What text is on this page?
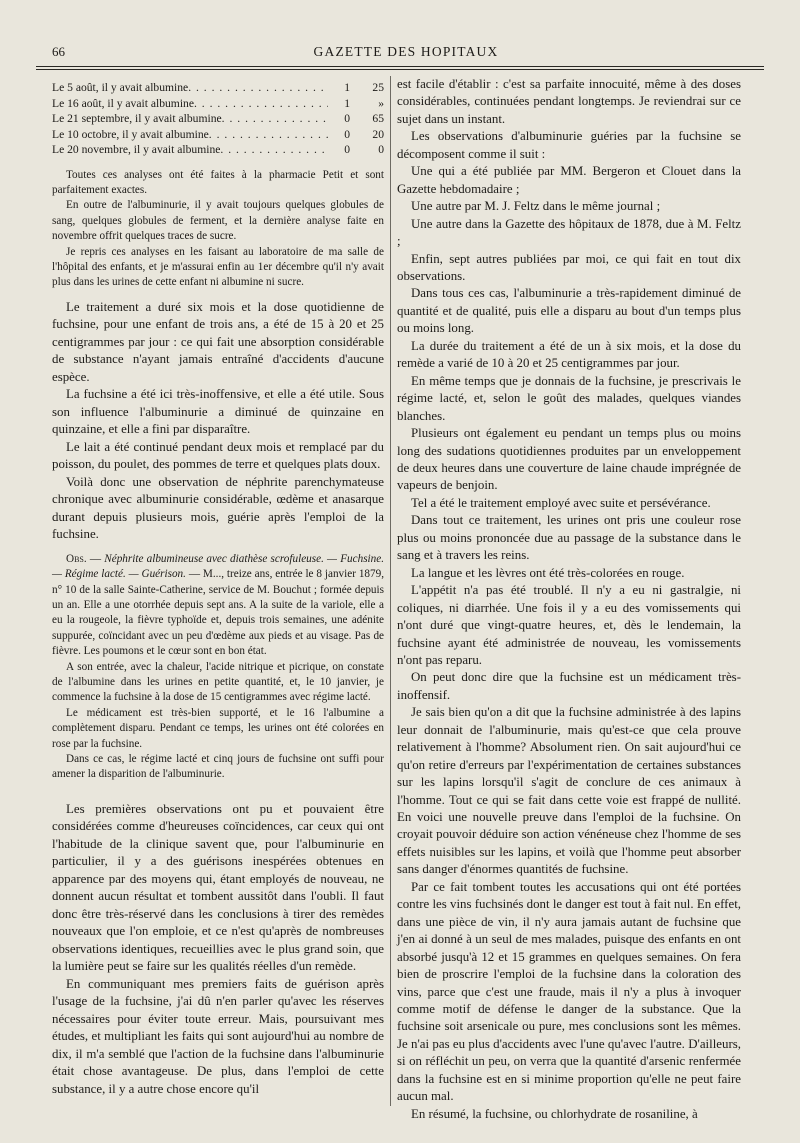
66	GAZETTE DES HOPITAUX
Le 5 août, il y avait albumine . . .	1	25
Le 16 août, il y avait albumine . . .	1	»
Le 21 septembre, il y avait albumine . . .	0	65
Le 10 octobre, il y avait albumine . . .	0	20
Le 20 novembre, il y avait albumine . . .	0	0

Toutes ces analyses ont été faites à la pharmacie Petit et sont parfaitement exactes.

En outre de l'albuminurie, il y avait toujours quelques globules de sang, quelques globules de ferment, et la dernière analyse faite en novembre offrit quelques traces de sucre.

Je repris ces analyses en les faisant au laboratoire de ma salle de l'hôpital des enfants, et je m'assurai enfin au 1er décembre qu'il n'y avait plus dans les urines de cette enfant ni albumine ni sucre.

Le traitement a duré six mois et la dose quotidienne de fuchsine, pour une enfant de trois ans, a été de 15 à 20 et 25 centigrammes par jour : ce qui fait une absorption considérable de substance n'ayant jamais entraîné d'accidents d'aucune espèce.

La fuchsine a été ici très-inoffensive, et elle a été utile. Sous son influence l'albuminurie a diminué de quinzaine en quinzaine, et elle a fini par disparaître.

Le lait a été continué pendant deux mois et remplacé par du poisson, du poulet, des pommes de terre et quelques plats doux.

Voilà donc une observation de néphrite parenchymateuse chronique avec albuminurie considérable, œdème et anasarque durant depuis plusieurs mois, guérie après l'emploi de la fuchsine.

Obs. — Néphrite albumineuse avec diathèse scrofuleuse. — Fuchsine. — Régime lacté. — Guérison. — M..., treize ans, entrée le 8 janvier 1879, n° 10 de la salle Sainte-Catherine, service de M. Bouchut ; formée depuis un an. Elle a une otorrhée depuis sept ans. A la suite de la variole, elle a eu la rougeole, la fièvre typhoïde et, depuis trois semaines, une adénite suppurée, coïncidant avec un peu d'œdème aux pieds et au visage. Pas de fièvre. Les poumons et le cœur sont en bon état.

A son entrée, avec la chaleur, l'acide nitrique et picrique, on constate de l'albumine dans les urines en petite quantité, et, le 10 janvier, je commence la fuchsine à la dose de 15 centigrammes avec régime lacté.

Le médicament est très-bien supporté, et le 16 l'albumine a complètement disparu. Pendant ce temps, les urines ont été colorées en rose par la fuchsine.

Dans ce cas, le régime lacté et cinq jours de fuchsine ont suffi pour amener la disparition de l'albuminurie.

Les premières observations ont pu et pouvaient être considérées comme d'heureuses coïncidences, car ceux qui ont l'habitude de la clinique savent que, pour l'albuminurie en particulier, il y a des guérisons inespérées obtenues en apparence par des moyens qui, étant employés de nouveau, ne donnent aucun résultat et tombent aussitôt dans l'oubli. Il faut donc être très-réservé dans les conclusions à tirer des remèdes nouveaux que l'on emploie, et ce n'est qu'après de nombreuses observations identiques, recueillies avec le plus grand soin, que la lumière peut se faire sur les qualités réelles d'un remède.

En communiquant mes premiers faits de guérison après l'usage de la fuchsine, j'ai dû n'en parler qu'avec les réserves nécessaires pour éviter toute erreur. Mais, poursuivant mes études, et multipliant les faits qui sont aujourd'hui au nombre de dix, il m'a semblé que l'action de la fuchsine dans l'albuminurie était chose avantageuse. De plus, dans l'emploi de cette substance, il y a autre chose encore qu'il

est facile d'établir : c'est sa parfaite innocuité, même à des doses considérables, continuées pendant longtemps. Je reviendrai sur ce sujet dans un instant.

Les observations d'albuminurie guéries par la fuchsine se décomposent comme il suit :

Une qui a été publiée par MM. Bergeron et Clouet dans la Gazette hebdomadaire ;

Une autre par M. J. Feltz dans le même journal ;

Une autre dans la Gazette des hôpitaux de 1878, due à M. Feltz ;

Enfin, sept autres publiées par moi, ce qui fait en tout dix observations.

Dans tous ces cas, l'albuminurie a très-rapidement diminué de quantité et de qualité, puis elle a disparu au bout d'un temps plus ou moins long.

La durée du traitement a été de un à six mois, et la dose du remède a varié de 10 à 20 et 25 centigrammes par jour.

En même temps que je donnais de la fuchsine, je prescrivais le régime lacté, et, selon le goût des malades, quelques viandes blanches.

Plusieurs ont également eu pendant un temps plus ou moins long des sudations quotidiennes produites par un enveloppement de deux heures dans une couverture de laine chaude imprégnée de vapeurs de benjoin.

Tel a été le traitement employé avec suite et persévérance.

Dans tout ce traitement, les urines ont pris une couleur rose plus ou moins prononcée due au passage de la substance dans le sang et à travers les reins.

La langue et les lèvres ont été très-colorées en rouge.

L'appétit n'a pas été troublé. Il n'y a eu ni gastralgie, ni coliques, ni diarrhée. Une fois il y a eu des vomissements qui n'ont duré que vingt-quatre heures, et, dès le lendemain, la fuchsine ayant été administrée de nouveau, les vomissements n'ont pas reparu.

On peut donc dire que la fuchsine est un médicament très-inoffensif.

Je sais bien qu'on a dit que la fuchsine administrée à des lapins leur donnait de l'albuminurie, mais qu'est-ce que cela prouve relativement à l'homme? Absolument rien. On sait aujourd'hui ce qu'on retire d'erreurs par l'expérimentation de certaines substances sur les lapins lorsqu'il s'agit de conclure de ces animaux à l'homme. Tout ce qui se fait dans cette voie est frappé de nullité. En voici une nouvelle preuve dans l'emploi de la fuchsine. On croyait pouvoir déduire son action vénéneuse chez l'homme de ses effets nuisibles sur les lapins, et voilà que l'homme peut absorber sans danger d'énormes quantités de fuchsine.

Par ce fait tombent toutes les accusations qui ont été portées contre les vins fuchsinés dont le danger est tout à fait nul. En effet, dans une pièce de vin, il n'y aura jamais autant de fuchsine que j'en ai donné à un seul de mes malades, puisque des enfants en ont absorbé jusqu'à 12 et 15 grammes en quelques semaines. On fera bien de proscrire l'emploi de la fuchsine dans la coloration des vins, parce que c'est une fraude, mais il n'y a plus à invoquer comme motif de défense le danger de la substance. Que la fuchsine soit arsenicale ou pure, mes conclusions sont les mêmes. Je n'ai pas eu plus d'accidents avec l'une qu'avec l'autre. D'ailleurs, si on réfléchit un peu, on verra que la quantité d'arsenic renfermée dans la fuchsine est en si minime proportion qu'elle ne peut faire aucun mal.

En résumé, la fuchsine, ou chlorhydrate de rosaniline, à
